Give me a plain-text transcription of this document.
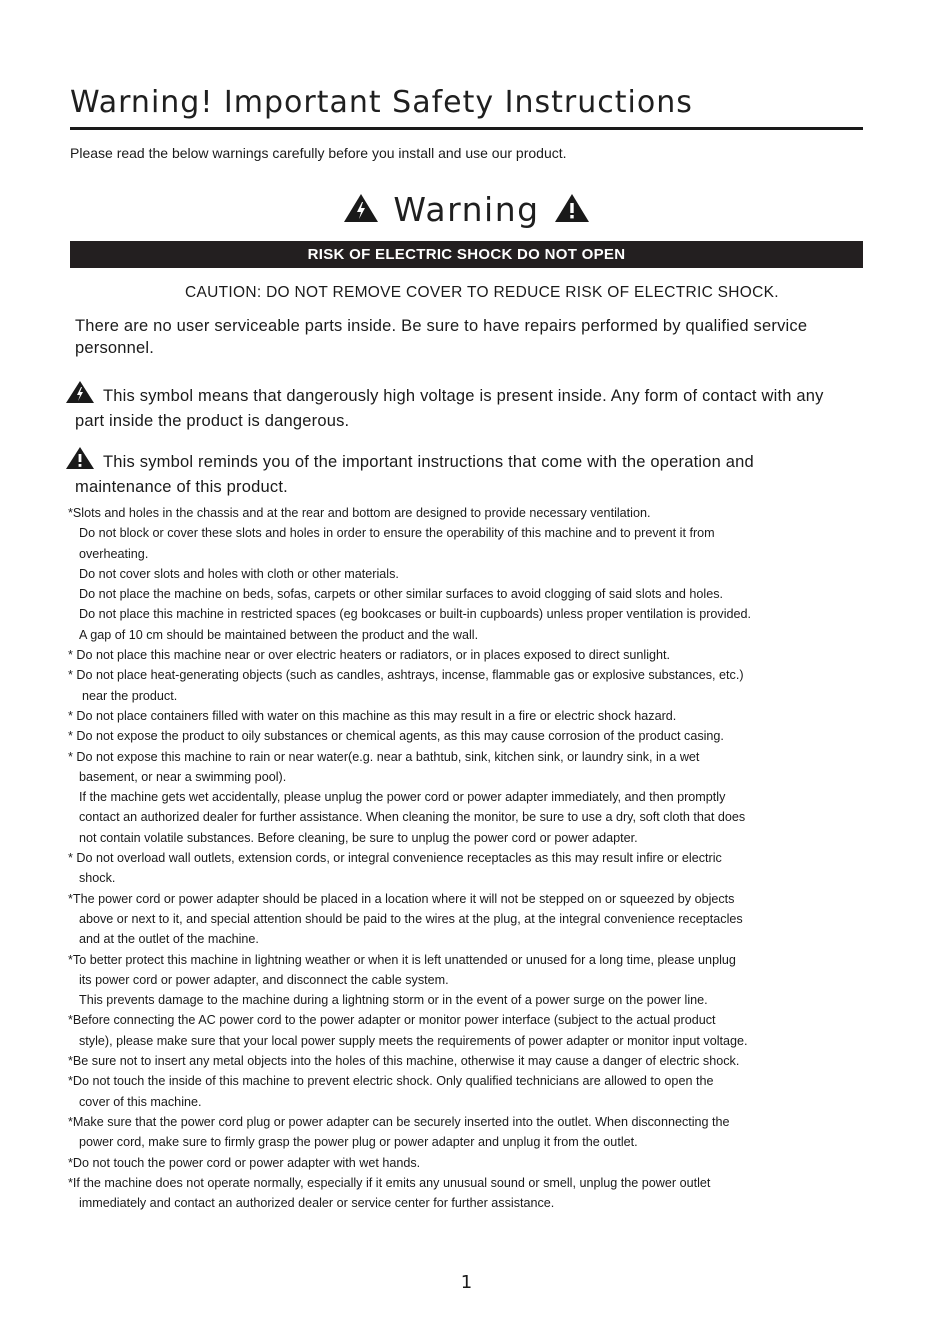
Warning! Important Safety Instructions
Please read the below warnings carefully before you install and use our product.
Warning
RISK OF ELECTRIC SHOCK DO NOT OPEN
CAUTION: DO NOT REMOVE COVER TO REDUCE RISK OF ELECTRIC SHOCK.
There are no user serviceable parts inside. Be sure to have repairs performed by qualified service
personnel.
This symbol means that dangerously high voltage is present inside. Any form of contact with any
part inside the product is dangerous.
This symbol reminds you of the important instructions that come with the operation and
maintenance of this product.
*Slots and holes in the chassis and at the rear and bottom are designed to provide necessary ventilation.
Do not block or cover these slots and holes in order to ensure the operability of this machine and to prevent it from
overheating.
Do not cover slots and holes with cloth or other materials.
Do not place the machine on beds, sofas, carpets or other similar surfaces to avoid clogging of said slots and holes.
Do not place this machine in restricted spaces (eg bookcases or built-in cupboards) unless proper ventilation is provided.
A gap of 10 cm should be maintained between the product and the wall.
* Do not place this machine near or over electric heaters or radiators, or in places exposed to direct sunlight.
* Do not place heat-generating objects (such as candles, ashtrays, incense, flammable gas or explosive substances, etc.)
near the product.
* Do not place containers filled with water on this machine as this may result in a fire or electric shock hazard.
* Do not expose the product to oily substances or chemical agents, as this may cause corrosion of the product casing.
* Do not expose this machine to rain or near water(e.g. near a bathtub, sink, kitchen sink, or laundry sink, in a wet
basement, or near a swimming pool).
If the machine gets wet accidentally, please unplug the power cord or power adapter immediately, and then promptly
contact an authorized dealer for further assistance. When cleaning the monitor, be sure to use a dry, soft cloth that does
not contain volatile substances. Before cleaning, be sure to unplug the power cord or power adapter.
* Do not overload wall outlets, extension cords, or integral convenience receptacles as this may result infire or electric
shock.
*The power cord or power adapter should be placed in a location where it will not be stepped on or squeezed by objects
above or next to it, and special attention should be paid to the wires at the plug, at the integral convenience receptacles
and at the outlet of the machine.
*To better protect this machine in lightning weather or when it is left unattended or unused for a long time, please unplug
its power cord or power adapter, and disconnect the cable system.
This prevents damage to the machine during a lightning storm or in the event of a power surge on the power line.
*Before connecting the AC power cord to the power adapter or monitor power interface (subject to the actual product
style), please make sure that your local power supply meets the requirements of power adapter or monitor input voltage.
*Be sure not to insert any metal objects into the holes of this machine, otherwise it may cause a danger of electric shock.
*Do not touch the inside of this machine to prevent electric shock. Only qualified technicians are allowed to open the
cover of this machine.
*Make sure that the power cord plug or power adapter can be securely inserted into the outlet. When disconnecting the
power cord, make sure to firmly grasp the power plug or power adapter and unplug it from the outlet.
*Do not touch the power cord or power adapter with wet hands.
*If the machine does not operate normally, especially if it emits any unusual sound or smell, unplug the power outlet
immediately and contact an authorized dealer or service center for further assistance.
1
